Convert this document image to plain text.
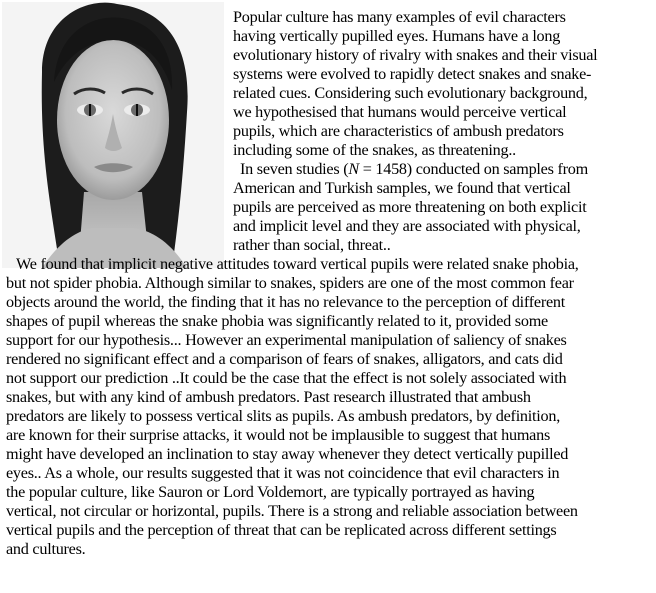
Popular culture has many examples of evil characters
having vertically pupilled eyes. Humans have a long
evolutionary history of rivalry with snakes and their visual
systems were evolved to rapidly detect snakes and snake-
related cues. Considering such evolutionary background,
we hypothesised that humans would perceive vertical
pupils, which are characteristics of ambush predators
including some of the snakes, as threatening..
In seven studies (N = 1458) conducted on samples from
American and Turkish samples, we found that vertical
pupils are perceived as more threatening on both explicit
and implicit level and they are associated with physical,
rather than social, threat..
We found that implicit negative attitudes toward vertical pupils were related snake phobia,
but not spider phobia. Although similar to snakes, spiders are one of the most common fear
objects around the world, the finding that it has no relevance to the perception of different
shapes of pupil whereas the snake phobia was significantly related to it, provided some
support for our hypothesis... However an experimental manipulation of saliency of snakes
rendered no significant effect and a comparison of fears of snakes, alligators, and cats did
not support our prediction ..It could be the case that the effect is not solely associated with
snakes, but with any kind of ambush predators. Past research illustrated that ambush
predators are likely to possess vertical slits as pupils. As ambush predators, by definition,
are known for their surprise attacks, it would not be implausible to suggest that humans
might have developed an inclination to stay away whenever they detect vertically pupilled
eyes.. As a whole, our results suggested that it was not coincidence that evil characters in
the popular culture, like Sauron or Lord Voldemort, are typically portrayed as having
vertical, not circular or horizontal, pupils. There is a strong and reliable association between
vertical pupils and the perception of threat that can be replicated across different settings
and cultures.
